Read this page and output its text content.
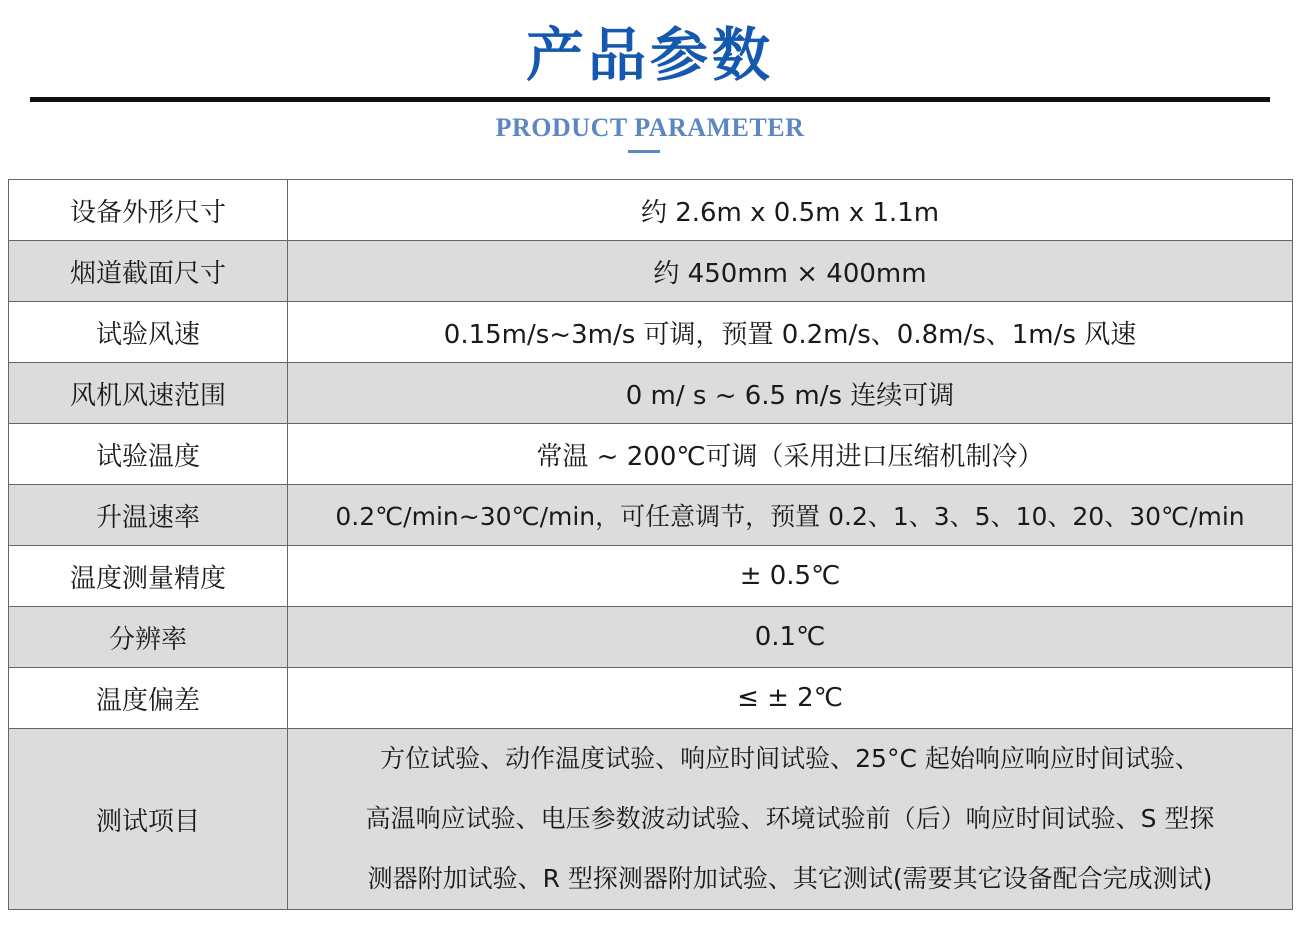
产品参数
PRODUCT PARAMETER
设备外形尺寸	约 2.6m x 0.5m x 1.1m
烟道截面尺寸	约 450mm × 400mm
试验风速	0.15m/s~3m/s 可调，预置 0.2m/s、0.8m/s、1m/s 风速
风机风速范围	0 m/ s ~ 6.5 m/s 连续可调
试验温度	常温 ~ 200℃可调（采用进口压缩机制冷）
升温速率	0.2℃/min~30℃/min，可任意调节，预置 0.2、1、3、5、10、20、30℃/min
温度测量精度	± 0.5℃
分辨率	0.1℃
温度偏差	≤ ± 2℃
测试项目	方位试验、动作温度试验、响应时间试验、25°C 起始响应响应时间试验、
高温响应试验、电压参数波动试验、环境试验前（后）响应时间试验、S 型探
测器附加试验、R 型探测器附加试验、其它测试(需要其它设备配合完成测试)
